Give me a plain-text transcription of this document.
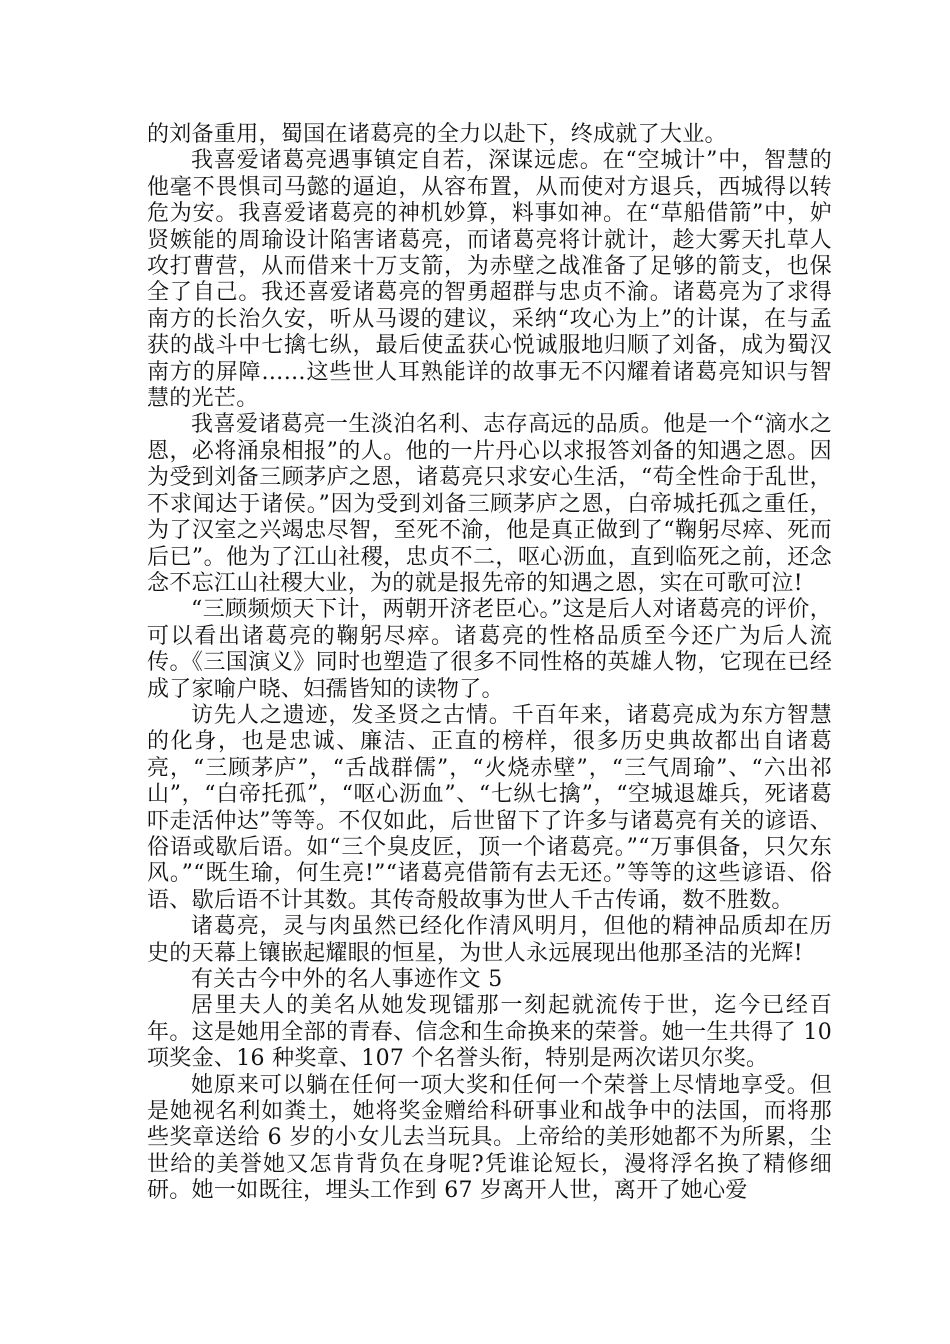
的刘备重用，蜀国在诸葛亮的全力以赴下，终成就了大业。

我喜爱诸葛亮遇事镇定自若，深谋远虑。在“空城计”中，智慧的他毫不畏惧司马懿的逼迫，从容布置，从而使对方退兵，西城得以转危为安。我喜爱诸葛亮的神机妙算，料事如神。在“草船借箭”中，妒贤嫉能的周瑜设计陷害诸葛亮，而诸葛亮将计就计，趁大雾天扎草人攻打曹营，从而借来十万支箭，为赤壁之战准备了足够的箭支，也保全了自己。我还喜爱诸葛亮的智勇超群与忠贞不渝。诸葛亮为了求得南方的长治久安，听从马谡的建议，采纳“攻心为上”的计谋，在与孟获的战斗中七擒七纵，最后使孟获心悦诚服地归顺了刘备，成为蜀汉南方的屏障……这些世人耳熟能详的故事无不闪耀着诸葛亮知识与智慧的光芒。

我喜爱诸葛亮一生淡泊名利、志存高远的品质。他是一个“滴水之恩，必将涌泉相报”的人。他的一片丹心以求报答刘备的知遇之恩。因为受到刘备三顾茅庐之恩，诸葛亮只求安心生活，“苟全性命于乱世，不求闻达于诸侯。”因为受到刘备三顾茅庐之恩，白帝城托孤之重任，为了汉室之兴竭忠尽智，至死不渝，他是真正做到了“鞠躬尽瘁、死而后已”。他为了江山社稷，忠贞不二，呕心沥血，直到临死之前，还念念不忘江山社稷大业，为的就是报先帝的知遇之恩，实在可歌可泣!

“三顾频烦天下计，两朝开济老臣心。”这是后人对诸葛亮的评价，可以看出诸葛亮的鞠躬尽瘁。诸葛亮的性格品质至今还广为后人流传。《三国演义》同时也塑造了很多不同性格的英雄人物，它现在已经成了家喻户晓、妇孺皆知的读物了。

访先人之遗迹，发圣贤之古情。千百年来，诸葛亮成为东方智慧的化身，也是忠诚、廉洁、正直的榜样，很多历史典故都出自诸葛亮，“三顾茅庐”，“舌战群儒”，“火烧赤壁”，“三气周瑜”、“六出祁山”，“白帝托孤”，“呕心沥血”、“七纵七擒”，“空城退雄兵，死诸葛吓走活仲达”等等。不仅如此，后世留下了许多与诸葛亮有关的谚语、俗语或歇后语。如“三个臭皮匠，顶一个诸葛亮。”“万事俱备，只欠东风。”“既生瑜，何生亮!”“诸葛亮借箭有去无还。”等等的这些谚语、俗语、歇后语不计其数。其传奇般故事为世人千古传诵，数不胜数。

诸葛亮，灵与肉虽然已经化作清风明月，但他的精神品质却在历史的天幕上镶嵌起耀眼的恒星，为世人永远展现出他那圣洁的光辉!

有关古今中外的名人事迹作文 5

居里夫人的美名从她发现镭那一刻起就流传于世，迄今已经百年。这是她用全部的青春、信念和生命换来的荣誉。她一生共得了 10 项奖金、16 种奖章、107 个名誉头衔，特别是两次诺贝尔奖。

她原来可以躺在任何一项大奖和任何一个荣誉上尽情地享受。但是她视名利如粪土，她将奖金赠给科研事业和战争中的法国，而将那些奖章送给 6 岁的小女儿去当玩具。上帝给的美形她都不为所累，尘世给的美誉她又怎肯背负在身呢?凭谁论短长，漫将浮名换了精修细研。她一如既往，埋头工作到 67 岁离开人世，离开了她心爱
